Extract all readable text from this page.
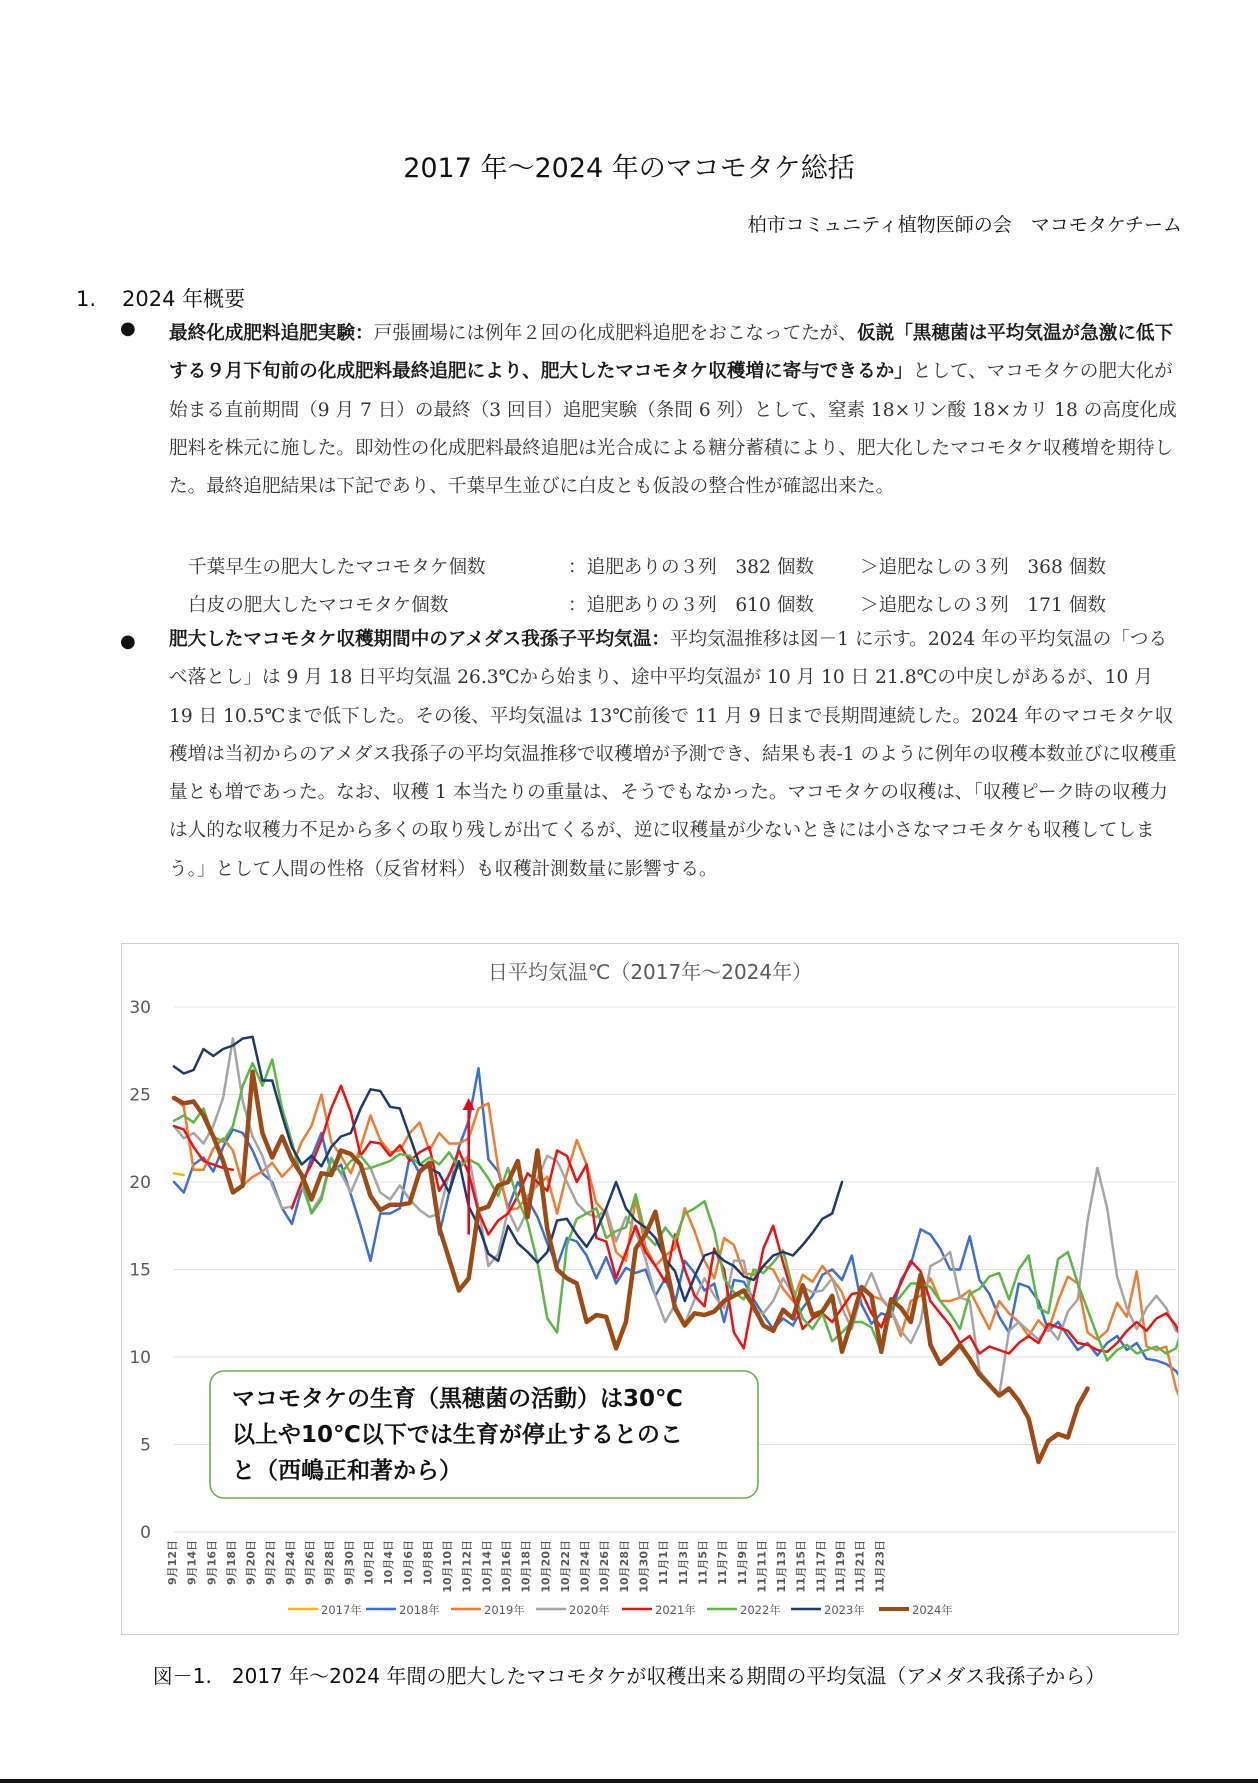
2017 年～2024 年のマコモタケ総括
柏市コミュニティ植物医師の会　マコモタケチーム
1. 2024 年概要
● 最終化成肥料追肥実験：戸張圃場には例年２回の化成肥料追肥をおこなってたが、仮説「黒穂菌は平均気温が急激に低下する９月下旬前の化成肥料最終追肥により、肥大したマコモタケ収穫増に寄与できるか」として、マコモタケの肥大化が始まる直前期間（9 月 7 日）の最終（3 回目）追肥実験（条間 6 列）として、窒素 18×リン酸 18×カリ 18 の高度化成肥料を株元に施した。即効性の化成肥料最終追肥は光合成による糖分蓄積により、肥大化したマコモタケ収穫増を期待した。最終追肥結果は下記であり、千葉早生並びに白皮とも仮設の整合性が確認出来た。

千葉早生の肥大したマコモタケ個数	：追肥ありの３列　382 個数 ＞追肥なしの３列　368 個数
白皮の肥大したマコモタケ個数	：追肥ありの３列　610 個数 ＞追肥なしの３列　171 個数
● 肥大したマコモタケ収穫期間中のアメダス我孫子平均気温：平均気温推移は図－1 に示す。2024 年の平均気温の「つるべ落とし」は 9 月 18 日平均気温 26.3℃から始まり、途中平均気温が 10 月 10 日 21.8℃の中戻しがあるが、10 月 19 日 10.5℃まで低下した。その後、平均気温は 13℃前後で 11 月 9 日まで長期間連続した。2024 年のマコモタケ収穫増は当初からのアメダス我孫子の平均気温推移で収穫増が予測でき、結果も表-1 のように例年の収穫本数並びに収穫重量とも増であった。なお、収穫 1 本当たりの重量は、そうでもなかった。マコモタケの収穫は、「収穫ピーク時の収穫力は人的な収穫力不足から多くの取り残しが出てくるが、逆に収穫量が少ないときには小さなマコモタケも収穫してしまう。」として人間の性格（反省材料）も収穫計測数量に影響する。

日平均気温℃（2017年～2024年）
0
5
10
15
20
25
30
9月12日 9月14日 9月16日 9月18日 9月20日 9月22日 9月24日 9月26日 9月28日 9月30日 10月2日 10月4日 10月6日 10月8日 10月10日 10月12日 10月14日 10月16日 10月18日 10月20日 10月22日 10月24日 10月26日 10月28日 10月30日 11月1日 11月3日 11月5日 11月7日 11月9日 11月11日 11月13日 11月15日 11月17日 11月19日 11月21日 11月23日
マコモタケの生育（黒穂菌の活動）は30℃
以上や10℃以下では生育が停止するとのこ
と（西嶋正和著から）
2017年	2018年	2019年	2020年	2021年	2022年	2023年	2024年
図－1.　2017 年～2024 年間の肥大したマコモタケが収穫出来る期間の平均気温（アメダス我孫子から）
